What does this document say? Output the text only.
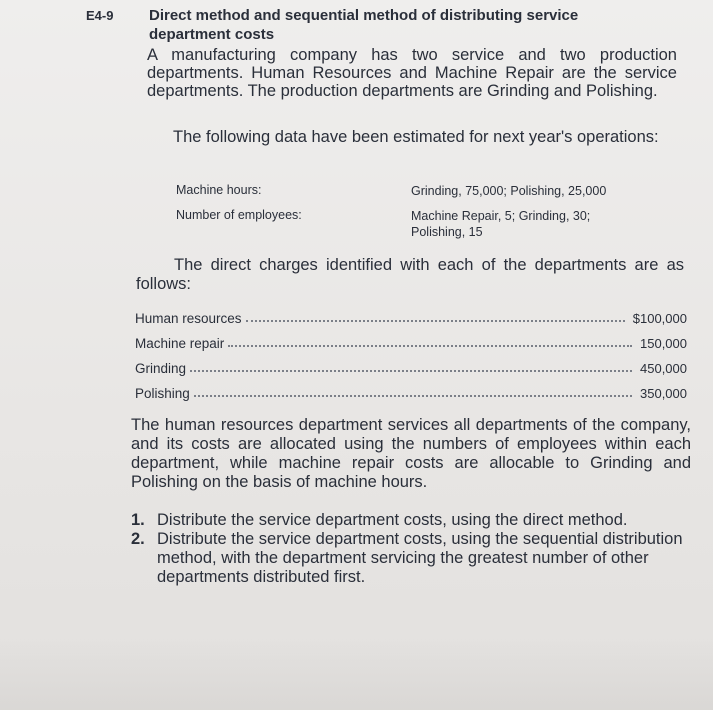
E4-9 Direct method and sequential method of distributing service department costs
A manufacturing company has two service and two production departments. Human Resources and Machine Repair are the service departments. The production departments are Grinding and Polishing.
The following data have been estimated for next year's operations:
Machine hours:	Grinding, 75,000; Polishing, 25,000
Number of employees:	Machine Repair, 5; Grinding, 30; Polishing, 15
The direct charges identified with each of the departments are as follows:
Human resources	$100,000
Machine repair	150,000
Grinding	450,000
Polishing	350,000
The human resources department services all departments of the company, and its costs are allocated using the numbers of employees within each department, while machine repair costs are allocable to Grinding and Polishing on the basis of machine hours.
1. Distribute the service department costs, using the direct method.
2. Distribute the service department costs, using the sequential distribution method, with the department servicing the greatest number of other departments distributed first.
